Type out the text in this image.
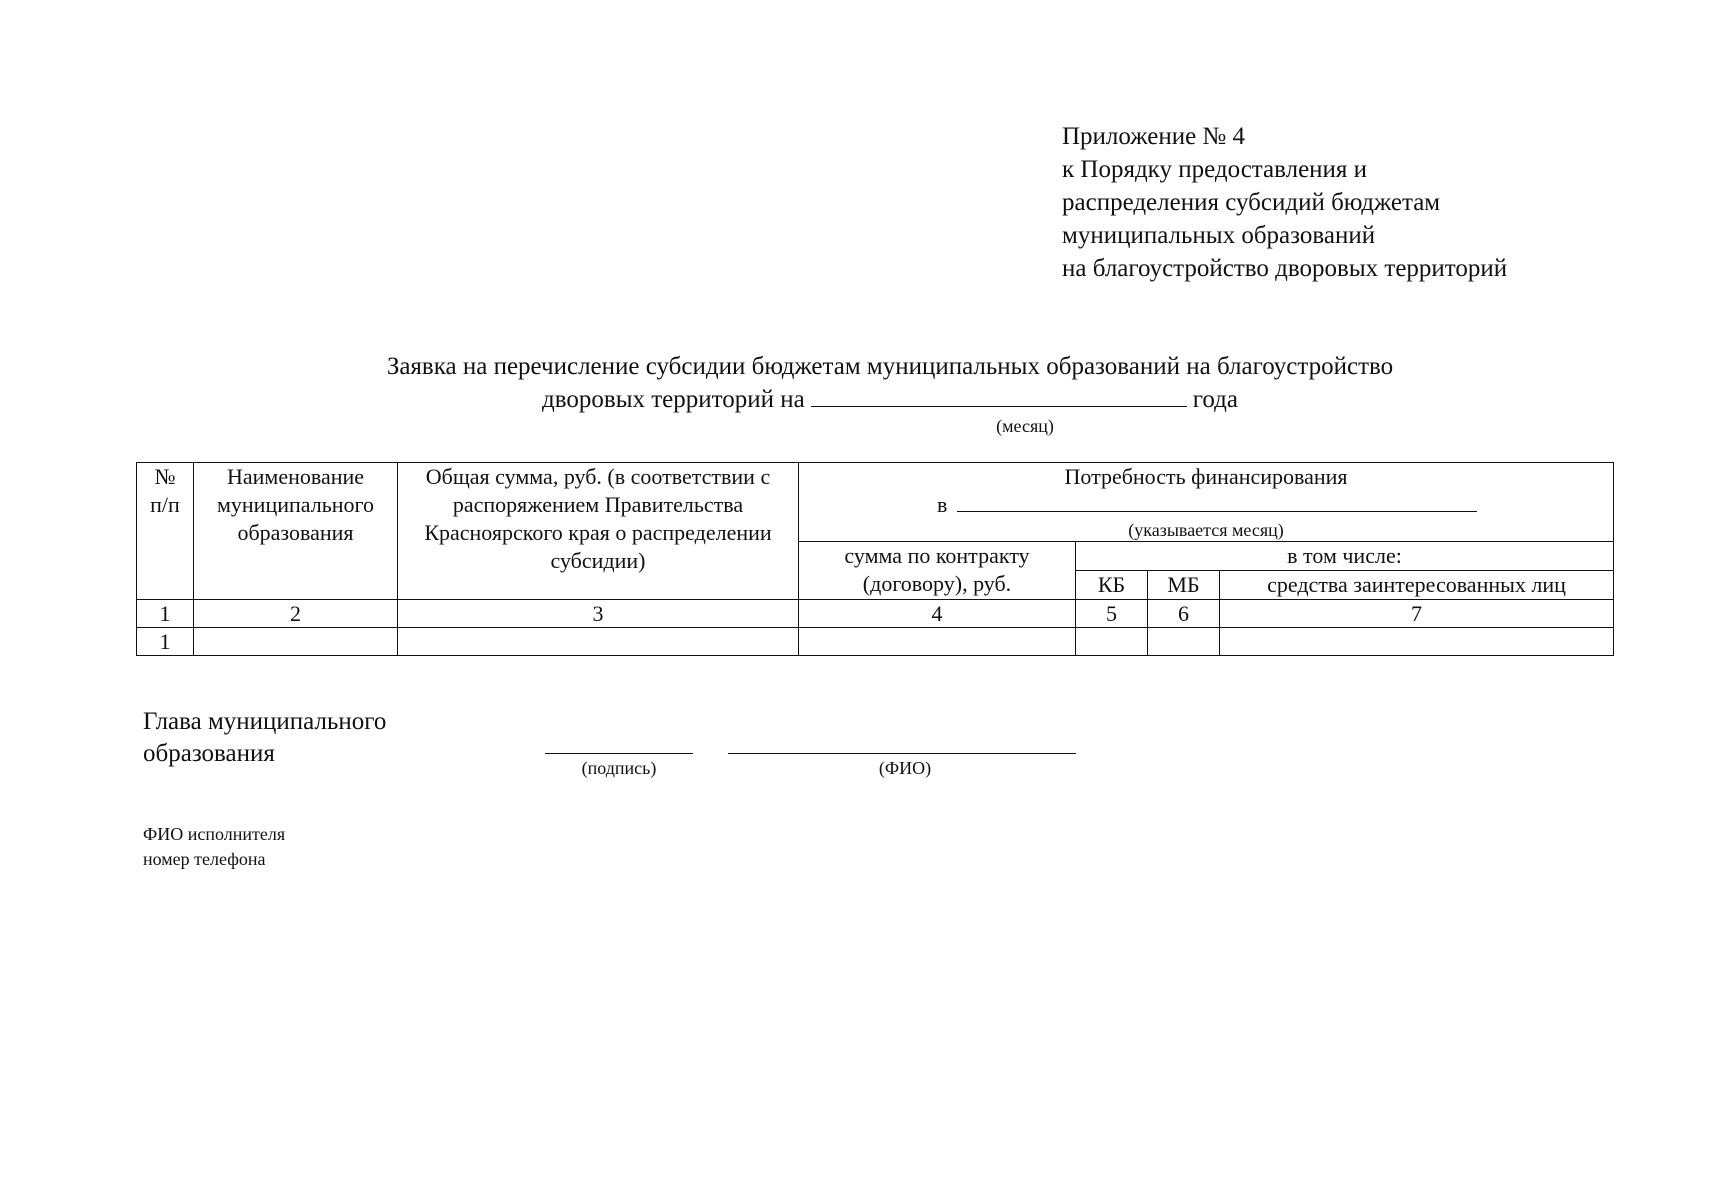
Приложение № 4
к Порядку предоставления и
распределения субсидий бюджетам
муниципальных образований
на благоустройство дворовых территорий
Заявка на перечисление субсидии бюджетам муниципальных образований на благоустройство
дворовых территорий на	года
(месяц)
№ п/п	Наименование муниципального образования	Общая сумма, руб. (в соответствии с распоряжением Правительства Красноярского края о распределении субсидии)	Потребность финансирования
в
(указывается месяц)			

			сумма по контракту (договору), руб.	в том числе:		
				КБ	МБ	средства заинтересованных лиц
1	2	3	4	5	6	7
1						
Глава муниципального
образования
(подпись)	(ФИО)
ФИО исполнителя
номер телефона
